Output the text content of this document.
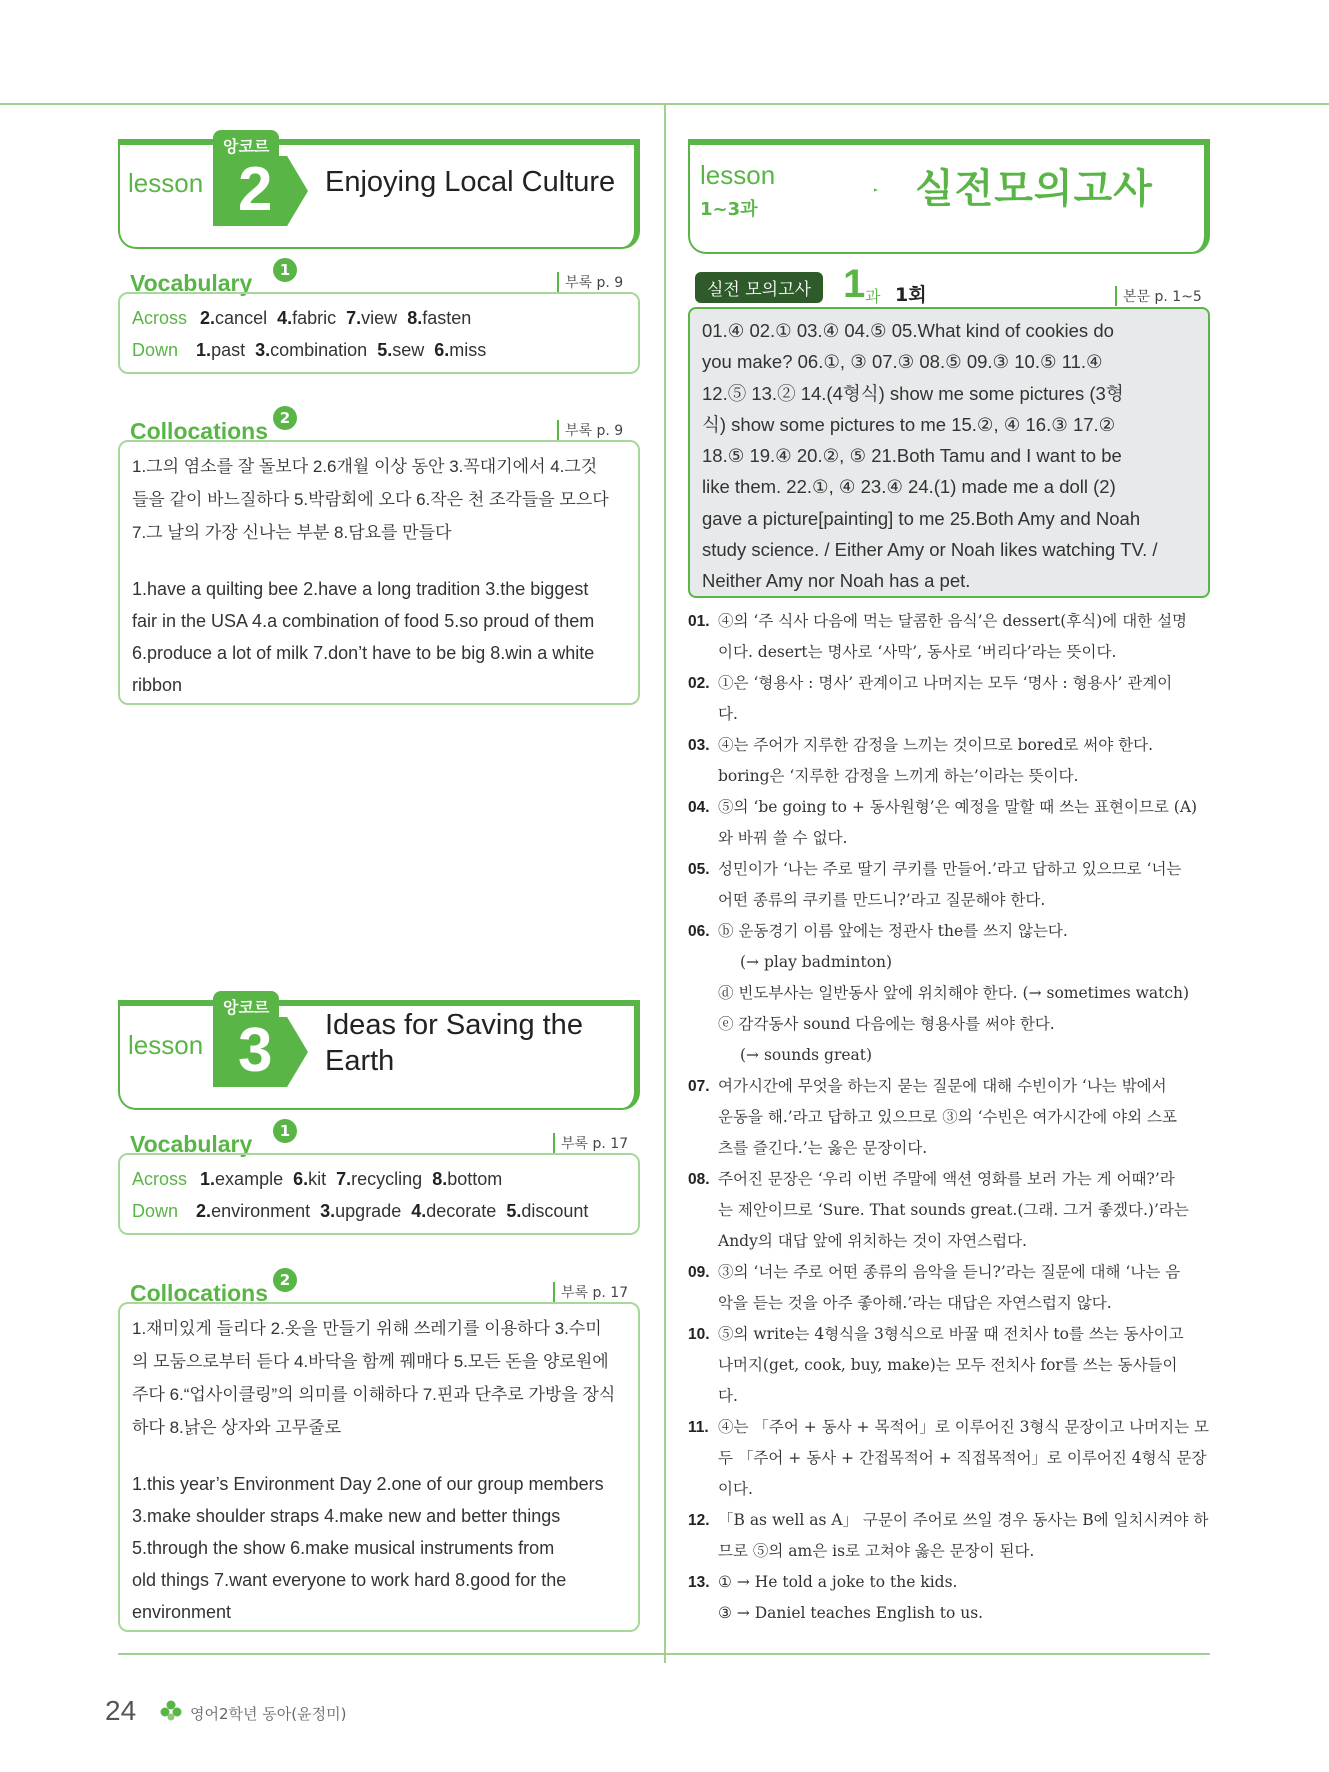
lesson
앙코르
2 Enjoying Local Culture
Vocabulary	1
부록 p. 9
Across 2.cancel 4.fabric 7.view 8.fasten
Down 1.past 3.combination 5.sew 6.miss
Collocations 2
부록 p. 9
1.그의 염소를 잘 돌보다 2.6개월 이상 동안 3.꼭대기에서 4.그것
들을 같이 바느질하다 5.박람회에 오다 6.작은 천 조각들을 모으다
7.그 날의 가장 신나는 부분 8.담요를 만들다
1.have a quilting bee 2.have a long tradition 3.the biggest
fair in the USA 4.a combination of food 5.so proud of them
6.produce a lot of milk 7.don’t have to be big 8.win a white
ribbon
lesson
앙코르
3 Ideas for Saving the
Earth
Vocabulary	1
부록 p. 17
Across 1.example 6.kit 7.recycling 8.bottom
Down 2.environment 3.upgrade 4.decorate 5.discount
Collocations 2
부록 p. 17
1.재미있게 들리다 2.옷을 만들기 위해 쓰레기를 이용하다 3.수미
의 모둠으로부터 듣다 4.바닥을 함께 꿰매다 5.모든 돈을 양로원에
주다 6.“업사이클링”의 의미를 이해하다 7.핀과 단추로 가방을 장식
하다 8.낡은 상자와 고무줄로
1.this year’s Environment Day 2.one of our group members
3.make shoulder straps 4.make new and better things
5.through the show 6.make musical instruments from
old things 7.want everyone to work hard 8.good for the
environment
lesson
1~3과	실전모의고사
실전 모의고사 1 과 1회	본문 p. 1~5
01.④ 02.① 03.④ 04.⑤ 05.What kind of cookies do
you make? 06.①, ③ 07.③ 08.⑤ 09.③ 10.⑤ 11.④
12.⑤ 13.② 14.(4형식) show me some pictures (3형
식) show some pictures to me 15.②, ④ 16.③ 17.②
18.⑤ 19.④ 20.②, ⑤ 21.Both Tamu and I want to be
like them. 22.①, ④ 23.④ 24.(1) made me a doll (2)
gave a picture[painting] to me 25.Both Amy and Noah
study science. / Either Amy or Noah likes watching TV. /
Neither Amy nor Noah has a pet.
01. ④의 ‘주 식사 다음에 먹는 달콤한 음식’은 dessert(후식)에 대한 설명
이다. desert는 명사로 ‘사막’, 동사로 ‘버리다’라는 뜻이다.
02. ①은 ‘형용사 : 명사’ 관계이고 나머지는 모두 ‘명사 : 형용사’ 관계이
다.
03. ④는 주어가 지루한 감정을 느끼는 것이므로 bored로 써야 한다.
boring은 ‘지루한 감정을 느끼게 하는’이라는 뜻이다.
04. ⑤의 ‘be going to + 동사원형’은 예정을 말할 때 쓰는 표현이므로 (A)
와 바꿔 쓸 수 없다.
05. 성민이가 ‘나는 주로 딸기 쿠키를 만들어.’라고 답하고 있으므로 ‘너는
어떤 종류의 쿠키를 만드니?’라고 질문해야 한다.
06. ⓑ 운동경기 이름 앞에는 정관사 the를 쓰지 않는다.
(→ play badminton)
ⓓ 빈도부사는 일반동사 앞에 위치해야 한다. (→ sometimes watch)
ⓔ 감각동사 sound 다음에는 형용사를 써야 한다.
(→ sounds great)
07. 여가시간에 무엇을 하는지 묻는 질문에 대해 수빈이가 ‘나는 밖에서
운동을 해.’라고 답하고 있으므로 ③의 ‘수빈은 여가시간에 야외 스포
츠를 즐긴다.’는 옳은 문장이다.
08. 주어진 문장은 ‘우리 이번 주말에 액션 영화를 보러 가는 게 어때?’라
는 제안이므로 ‘Sure. That sounds great.(그래. 그거 좋겠다.)’라는
Andy의 대답 앞에 위치하는 것이 자연스럽다.
09. ③의 ‘너는 주로 어떤 종류의 음악을 듣니?’라는 질문에 대해 ‘나는 음
악을 듣는 것을 아주 좋아해.’라는 대답은 자연스럽지 않다.
10. ⑤의 write는 4형식을 3형식으로 바꿀 때 전치사 to를 쓰는 동사이고
나머지(get, cook, buy, make)는 모두 전치사 for를 쓰는 동사들이
다.
11. ④는 「주어 + 동사 + 목적어」로 이루어진 3형식 문장이고 나머지는 모
두 「주어 + 동사 + 간접목적어 + 직접목적어」로 이루어진 4형식 문장
이다.
12. 「B as well as A」 구문이 주어로 쓰일 경우 동사는 B에 일치시켜야 하
므로 ⑤의 am은 is로 고쳐야 옳은 문장이 된다.
13. ① → He told a joke to the kids.
③ → Daniel teaches English to us.
24	영어2학년 동아(윤정미)
